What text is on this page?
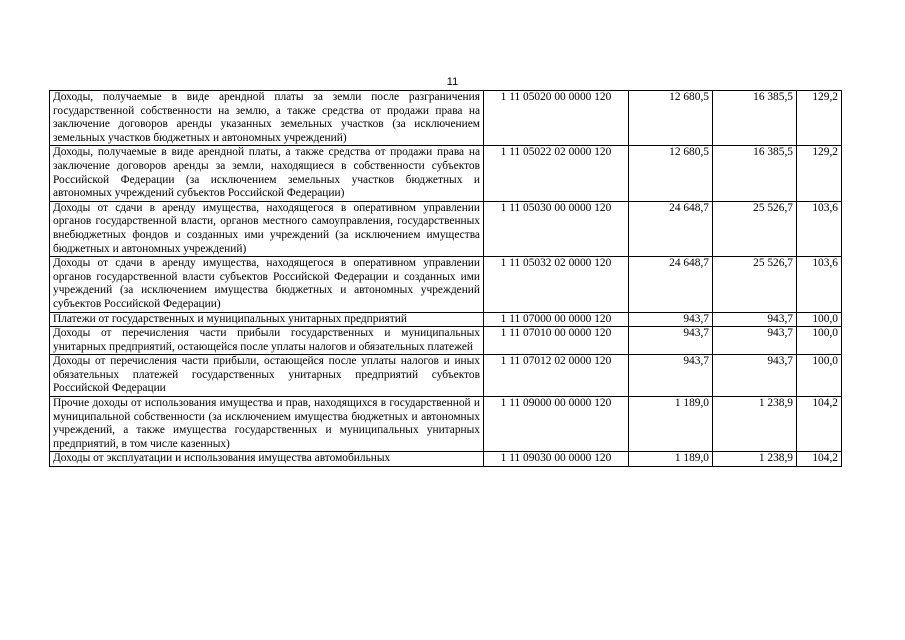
11
Доходы, получаемые в виде арендной платы за земли после разграничения государственной собственности на землю, а также средства от продажи права на заключение договоров аренды указанных земельных участков (за исключением земельных участков бюджетных и автономных учреждений)	1 11 05020 00 0000 120	12 680,5	16 385,5	129,2
Доходы, получаемые в виде арендной платы, а также средства от продажи права на заключение договоров аренды за земли, находящиеся в собственности субъектов Российской Федерации (за исключением земельных участков бюджетных и автономных учреждений субъектов Российской Федерации)	1 11 05022 02 0000 120	12 680,5	16 385,5	129,2
Доходы от сдачи в аренду имущества, находящегося в оперативном управлении органов государственной власти, органов местного самоуправления, государственных внебюджетных фондов и созданных ими учреждений (за исключением имущества бюджетных и автономных учреждений)	1 11 05030 00 0000 120	24 648,7	25 526,7	103,6
Доходы от сдачи в аренду имущества, находящегося в оперативном управлении органов государственной власти субъектов Российской Федерации и созданных ими учреждений (за исключением имущества бюджетных и автономных учреждений субъектов Российской Федерации)	1 11 05032 02 0000 120	24 648,7	25 526,7	103,6
Платежи от государственных и муниципальных унитарных предприятий	1 11 07000 00 0000 120	943,7	943,7	100,0
Доходы от перечисления части прибыли государственных и муниципальных унитарных предприятий, остающейся после уплаты налогов и обязательных платежей	1 11 07010 00 0000 120	943,7	943,7	100,0
Доходы от перечисления части прибыли, остающейся после уплаты налогов и иных обязательных платежей государственных унитарных предприятий субъектов Российской Федерации	1 11 07012 02 0000 120	943,7	943,7	100,0
Прочие доходы от использования имущества и прав, находящихся в государственной и муниципальной собственности (за исключением имущества бюджетных и автономных учреждений, а также имущества государственных и муниципальных унитарных предприятий, в том числе казенных)	1 11 09000 00 0000 120	1 189,0	1 238,9	104,2
Доходы от эксплуатации и использования имущества автомобильных	1 11 09030 00 0000 120	1 189,0	1 238,9	104,2
